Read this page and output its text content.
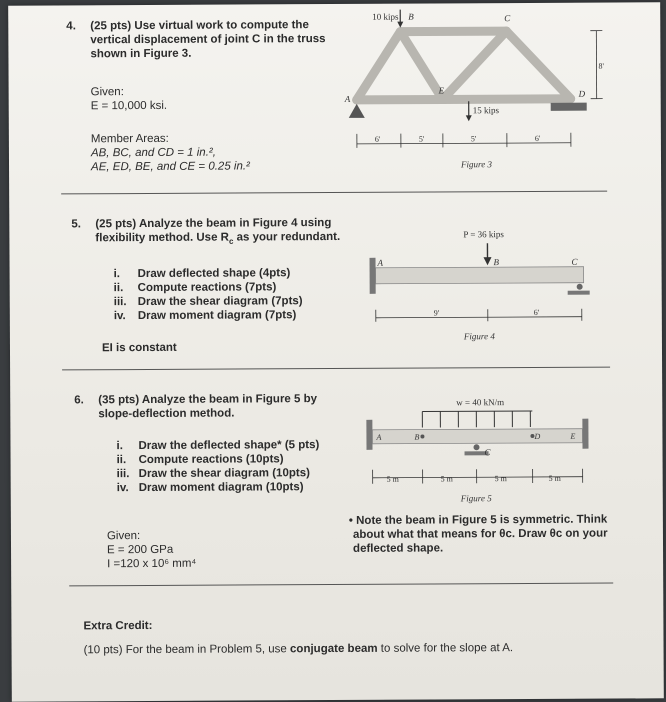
4. (25 pts) Use virtual work to compute the
vertical displacement of joint C in the truss
shown in Figure 3.
Given:
E = 10,000 ksi.
Member Areas:
AB, BC, and CD = 1 in.²,
AE, ED, BE, and CE = 0.25 in.²
10 kips B	C
A
E	D
15 kips
8'
6'	5'	5'	6'
Figure 3
5. (25 pts) Analyze the beam in Figure 4 using
flexibility method. Use $R_c$ as your redundant.
i. Draw deflected shape (4pts)
ii. Compute reactions (7pts)
iii. Draw the shear diagram (7pts)
iv. Draw moment diagram (7pts)
EI is constant
P = 36 kips
A	B	C
9'	6'
Figure 4
6. (35 pts) Analyze the beam in Figure 5 by
slope-deflection method.
i. Draw the deflected shape* (5 pts)
ii. Compute reactions (10pts)
iii. Draw the shear diagram (10pts)
iv. Draw moment diagram (10pts)
Given:
E = 200 GPa
I =120 x 10⁶ mm⁴
• Note the beam in Figure 5 is symmetric. Think
about what that means for θc. Draw θc on your
deflected shape.
w = 40 kN/m
A	B	D	E
C
5 m	5 m	5 m	5 m
Figure 5
Extra Credit:
(10 pts) For the beam in Problem 5, use conjugate beam to solve for the slope at A.
